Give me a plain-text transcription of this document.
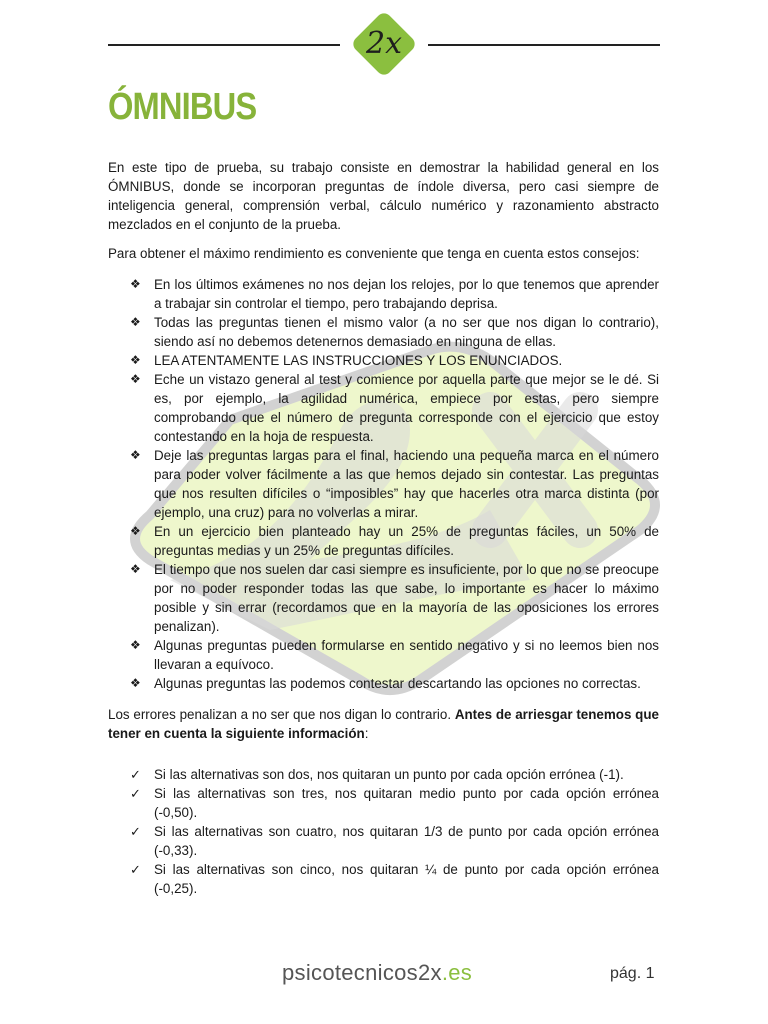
2x
ÓMNIBUS

En este tipo de prueba, su trabajo consiste en demostrar la habilidad general en los ÓMNIBUS, donde se incorporan preguntas de índole diversa, pero casi siempre de inteligencia general, comprensión verbal, cálculo numérico y razonamiento abstracto mezclados en el conjunto de la prueba.

Para obtener el máximo rendimiento es conveniente que tenga en cuenta estos consejos:

❖ En los últimos exámenes no nos dejan los relojes, por lo que tenemos que aprender a trabajar sin controlar el tiempo, pero trabajando deprisa.
❖ Todas las preguntas tienen el mismo valor (a no ser que nos digan lo contrario), siendo así no debemos detenernos demasiado en ninguna de ellas.
❖ LEA ATENTAMENTE LAS INSTRUCCIONES Y LOS ENUNCIADOS.
❖ Eche un vistazo general al test y comience por aquella parte que mejor se le dé. Si es, por ejemplo, la agilidad numérica, empiece por estas, pero siempre comprobando que el número de pregunta corresponde con el ejercicio que estoy contestando en la hoja de respuesta.
❖ Deje las preguntas largas para el final, haciendo una pequeña marca en el número para poder volver fácilmente a las que hemos dejado sin contestar. Las preguntas que nos resulten difíciles o “imposibles” hay que hacerles otra marca distinta (por ejemplo, una cruz) para no volverlas a mirar.
❖ En un ejercicio bien planteado hay un 25% de preguntas fáciles, un 50% de preguntas medias y un 25% de preguntas difíciles.
❖ El tiempo que nos suelen dar casi siempre es insuficiente, por lo que no se preocupe por no poder responder todas las que sabe, lo importante es hacer lo máximo posible y sin errar (recordamos que en la mayoría de las oposiciones los errores penalizan).
❖ Algunas preguntas pueden formularse en sentido negativo y si no leemos bien nos llevaran a equívoco.
❖ Algunas preguntas las podemos contestar descartando las opciones no correctas.

Los errores penalizan a no ser que nos digan lo contrario. Antes de arriesgar tenemos que tener en cuenta la siguiente información:

✓ Si las alternativas son dos, nos quitaran un punto por cada opción errónea (-1).
✓ Si las alternativas son tres, nos quitaran medio punto por cada opción errónea (-0,50).
✓ Si las alternativas son cuatro, nos quitaran 1/3 de punto por cada opción errónea (-0,33).
✓ Si las alternativas son cinco, nos quitaran ¼ de punto por cada opción errónea (-0,25).
psicotecnicos2x.es	pág. 1
